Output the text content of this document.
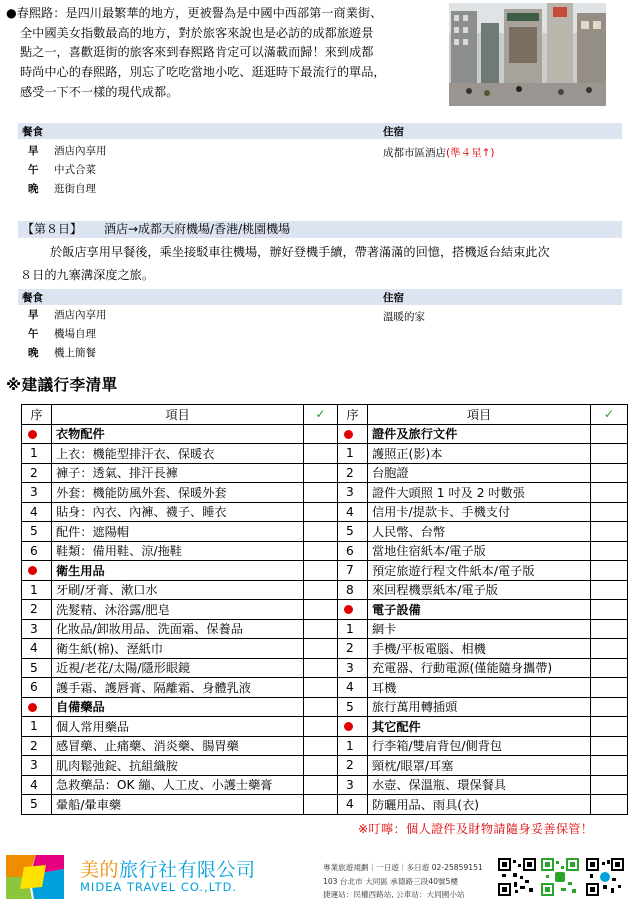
●春熙路：是四川最繁華的地方，更被譽為是中國中西部第一商業街、
全中國美女指數最高的地方，對於旅客來說也是必訪的成都旅遊景
點之一，喜歡逛街的旅客來到春熙路肯定可以滿載而歸！來到成都
時尚中心的春熙路，別忘了吃吃當地小吃、逛逛時下最流行的單品，
感受一下不一樣的現代成都。
餐食	住宿
早 酒店內享用
午 中式合菜
晚 逛街自理
成都市區酒店(準４星↑)
【第８日】 酒店→成都天府機場/香港/桃園機場
於飯店享用早餐後，乘坐接駁車往機場，辦好登機手續，帶著滿滿的回憶，搭機返台結束此次
８日的九寨溝深度之旅。
餐食	住宿
早 酒店內享用
午 機場自理
晚 機上簡餐
溫暖的家
※建議行李清單
序	項目	✓	序	項目	✓
	衣物配件			證件及旅行文件	
1	上衣：機能型排汗衣、保暖衣		1	護照正(影)本	
2	褲子：透氣、排汗長褲		2	台胞證	
3	外套：機能防風外套、保暖外套		3	證件大頭照 1 吋及 2 吋數張	
4	貼身：內衣、內褲、襪子、睡衣		4	信用卡/提款卡、手機支付	
5	配件：遮陽帽		5	人民幣、台幣	
6	鞋類：備用鞋、涼/拖鞋		6	當地住宿紙本/電子版	
	衛生用品		7	預定旅遊行程文件紙本/電子版	
1	牙刷/牙膏、漱口水		8	來回程機票紙本/電子版	
2	洗髮精、沐浴露/肥皂			電子設備	
3	化妝品/卸妝用品、洗面霜、保養品		1	網卡	
4	衛生紙(棉)、溼紙巾		2	手機/平板電腦、相機	
5	近視/老花/太陽/隱形眼鏡		3	充電器、行動電源(僅能隨身攜帶)	
6	護手霜、護唇膏、隔離霜、身體乳液		4	耳機	
	自備藥品		5	旅行萬用轉插頭	
1	個人常用藥品			其它配件	
2	感冒藥、止痛藥、消炎藥、腸胃藥		1	行李箱/雙肩背包/側背包	
3	肌肉鬆弛錠、抗組織胺		2	頸枕/眼罩/耳塞	
4	急救藥品：OK 繃、人工皮、小護士藥膏		3	水壺、保溫瓶、環保餐具	
5	暈船/暈車藥		4	防曬用品、雨具(衣)	
※叮嚀：個人證件及財物請隨身妥善保管！
美的旅行社有限公司
MIDEA TRAVEL CO.,LTD.
專業旅遊規劃｜一日遊｜多日遊 02-25859151
103 台北市 大同區 承德路三段40號5樓
捷運站：民權西路站, 公車站：大同國小站
